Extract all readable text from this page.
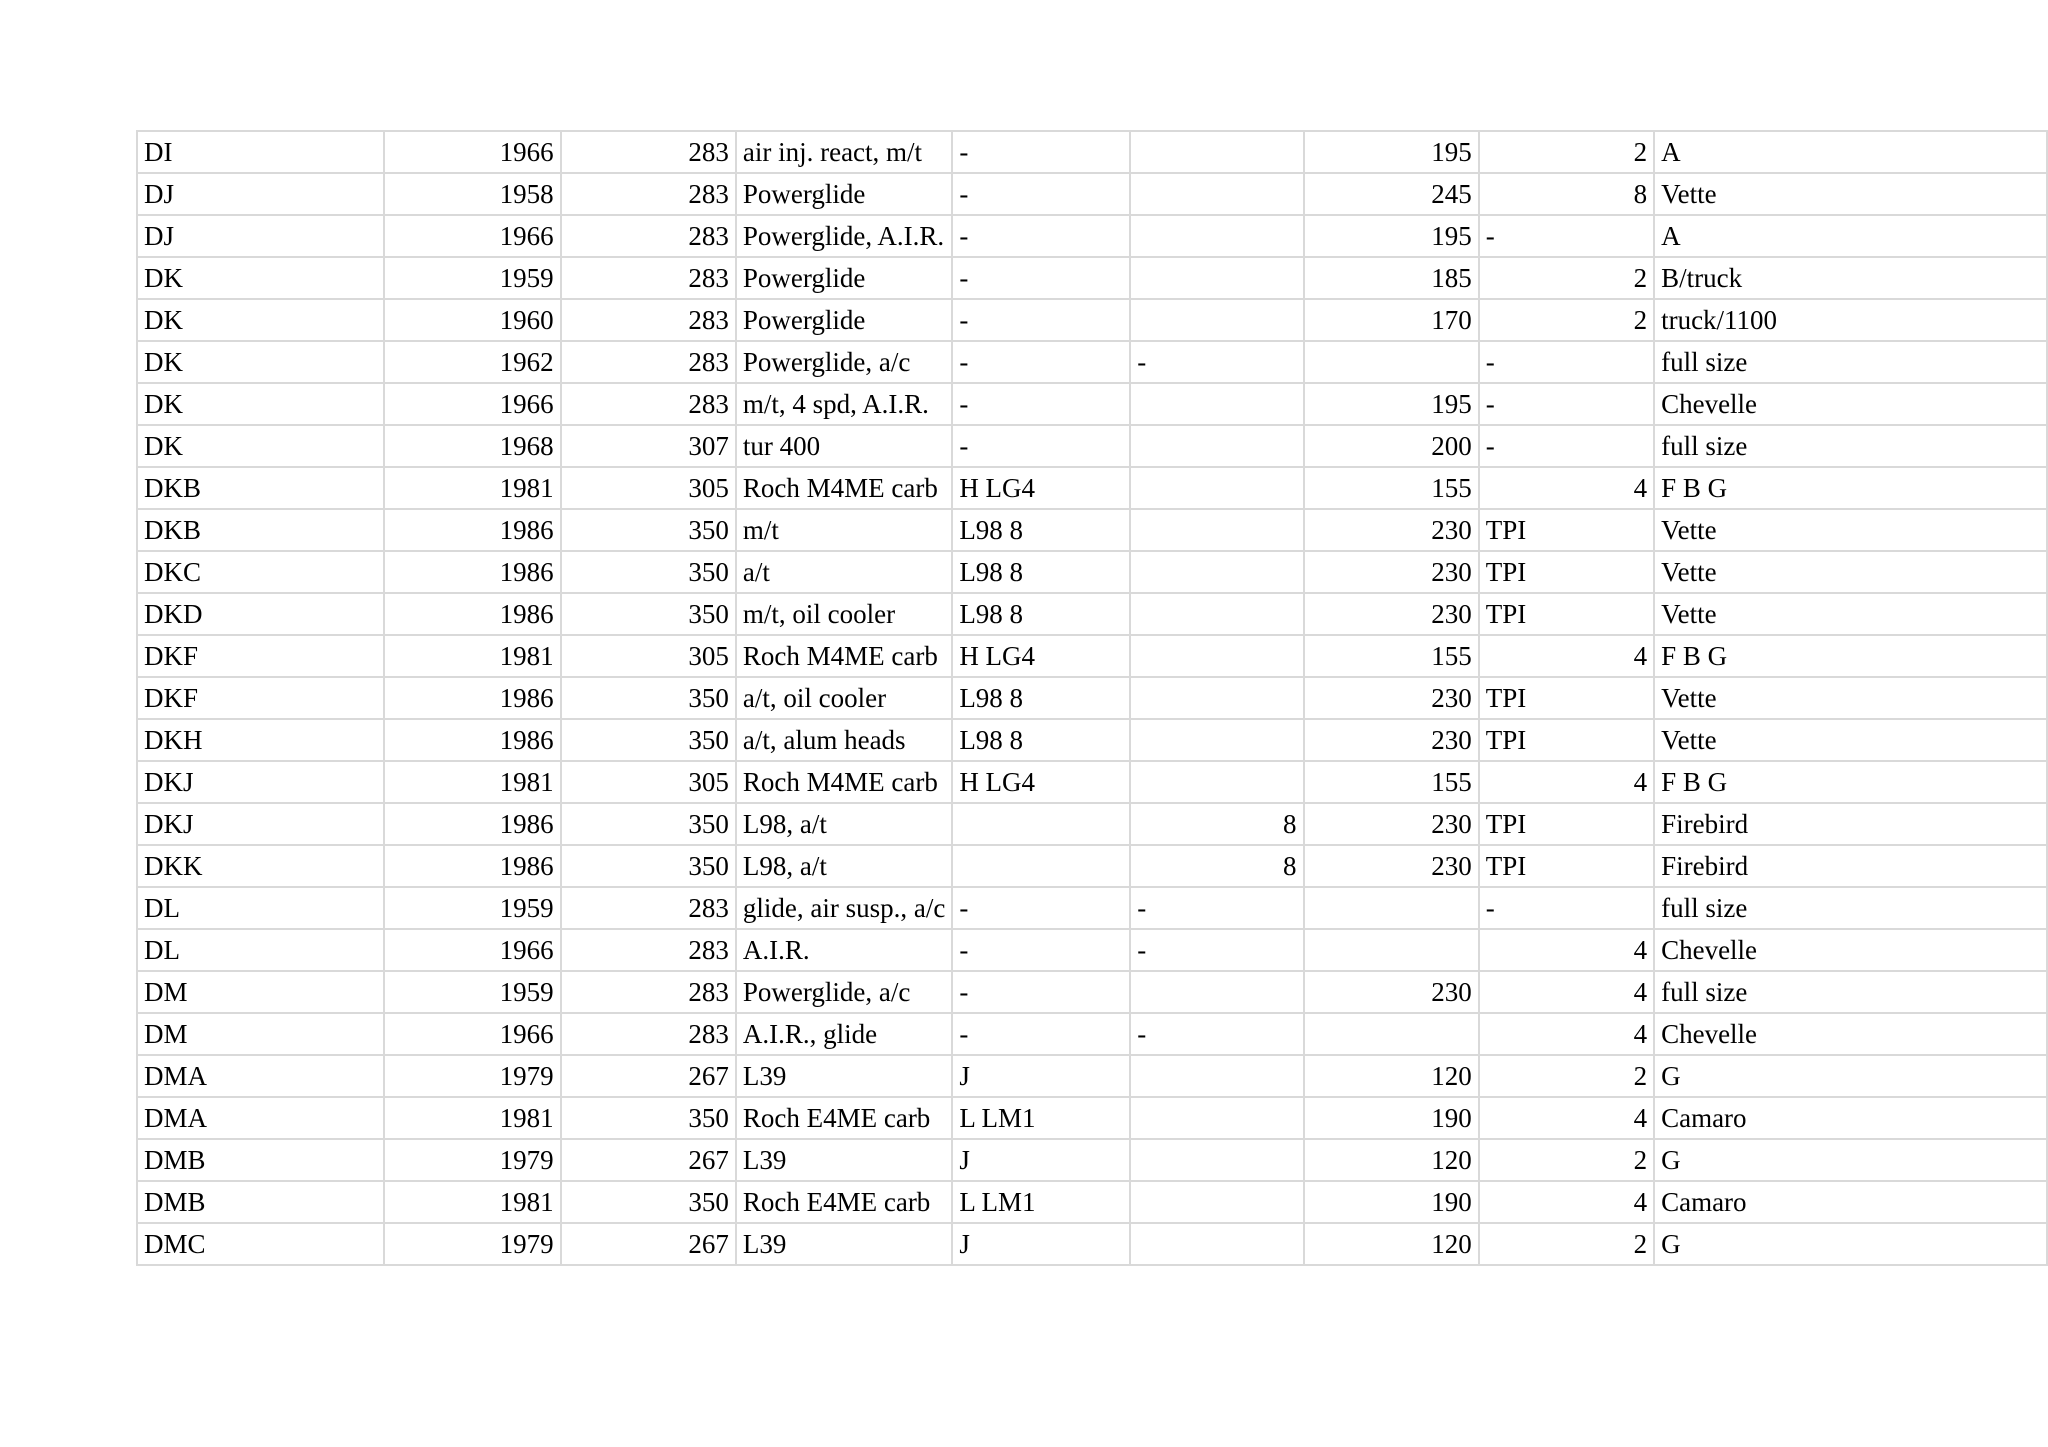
DI	1966	283	air inj. react, m/t	-		195	2	A
DJ	1958	283	Powerglide	-		245	8	Vette
DJ	1966	283	Powerglide, A.I.R.	-		195	-	A
DK	1959	283	Powerglide	-		185	2	B/truck
DK	1960	283	Powerglide	-		170	2	truck/1100
DK	1962	283	Powerglide, a/c	-	-		-	full size
DK	1966	283	m/t, 4 spd, A.I.R.	-		195	-	Chevelle
DK	1968	307	tur 400	-		200	-	full size
DKB	1981	305	Roch M4ME carb	H LG4		155	4	F B G
DKB	1986	350	m/t	L98 8		230	TPI	Vette
DKC	1986	350	a/t	L98 8		230	TPI	Vette
DKD	1986	350	m/t, oil cooler	L98 8		230	TPI	Vette
DKF	1981	305	Roch M4ME carb	H LG4		155	4	F B G
DKF	1986	350	a/t, oil cooler	L98 8		230	TPI	Vette
DKH	1986	350	a/t, alum heads	L98 8		230	TPI	Vette
DKJ	1981	305	Roch M4ME carb	H LG4		155	4	F B G
DKJ	1986	350	L98, a/t		8	230	TPI	Firebird
DKK	1986	350	L98, a/t		8	230	TPI	Firebird
DL	1959	283	glide, air susp., a/c	-	-		-	full size
DL	1966	283	A.I.R.	-	-		4	Chevelle
DM	1959	283	Powerglide, a/c	-		230	4	full size
DM	1966	283	A.I.R., glide	-	-		4	Chevelle
DMA	1979	267	L39	J		120	2	G
DMA	1981	350	Roch E4ME carb	L LM1		190	4	Camaro
DMB	1979	267	L39	J		120	2	G
DMB	1981	350	Roch E4ME carb	L LM1		190	4	Camaro
DMC	1979	267	L39	J		120	2	G
